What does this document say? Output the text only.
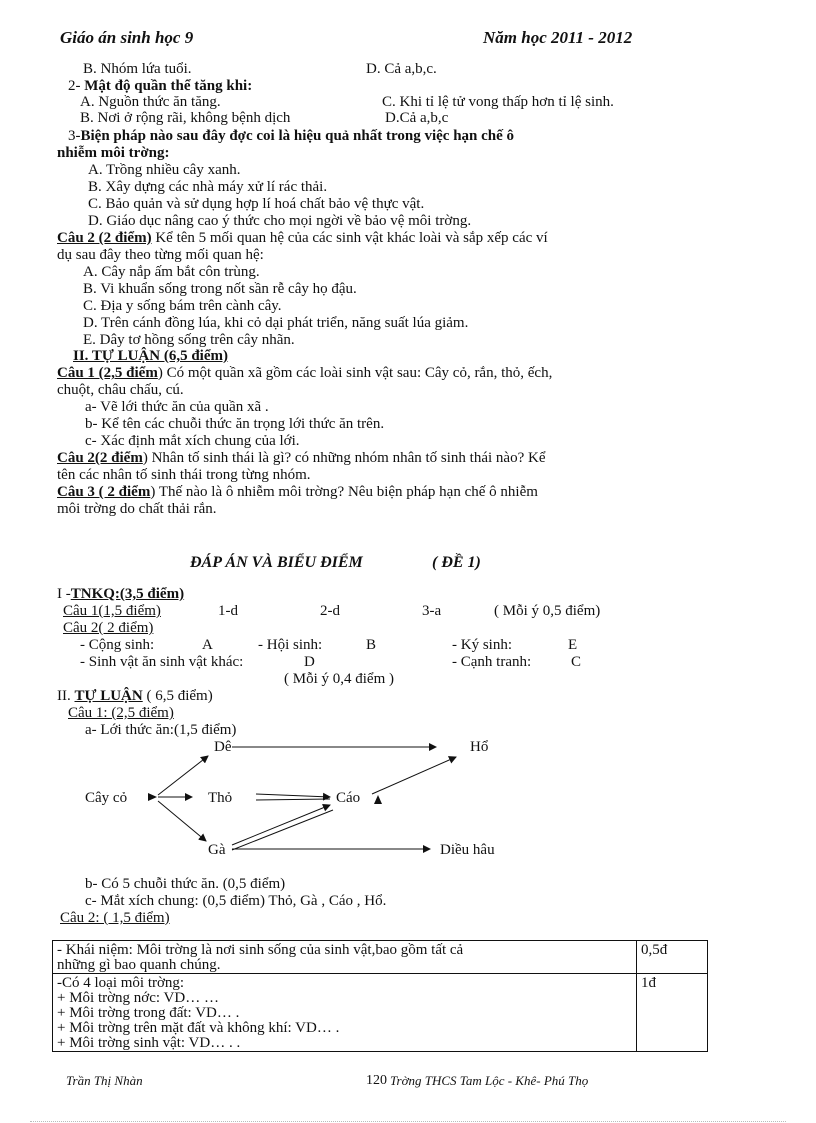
Giáo án sinh học 9	Năm học 2011 - 2012
B. Nhóm lứa tuổi.	D. Cả a,b,c.
2- Mật độ quần thể tăng khi:
A. Nguồn thức ăn tăng.	C. Khi tỉ lệ tử vong thấp hơn tỉ lệ sinh.
B. Nơi ở rộng rãi, không bệnh dịch	D.Cả a,b,c
3-Biện pháp nào sau đây đợc coi là hiệu quả nhất trong việc hạn chế ô
nhiễm môi trờng:
A. Trồng nhiều cây xanh.
B. Xây dựng các nhà máy xử lí rác thải.
C. Bảo quản và sử dụng hợp lí hoá chất bảo vệ thực vật.
D. Giáo dục nâng cao ý thức cho mọi ngời về bảo vệ môi trờng.
Câu 2 (2 điểm) Kể tên 5 mối quan hệ của các sinh vật khác loài và sắp xếp các ví
dụ sau đây theo từng mối quan hệ:
A. Cây nắp ấm bắt côn trùng.
B. Vi khuẩn sống trong nốt sần rễ cây họ đậu.
C. Địa y sống bám trên cành cây.
D. Trên cánh đồng lúa, khi cỏ dại phát triển, năng suất lúa giảm.
E. Dây tơ hồng sống trên cây nhãn.
II. TỰ LUẬN (6,5 điểm)
Câu 1 (2,5 điểm) Có một quần xã gồm các loài sinh vật sau: Cây cỏ, rắn, thỏ, ếch,
chuột, châu chấu, cú.
a- Vẽ lới thức ăn của quần xã .
b- Kể tên các chuỗi thức ăn trọng lới thức ăn trên.
c- Xác định mắt xích chung của lới.
Câu 2(2 điểm) Nhân tố sinh thái là gì? có những nhóm nhân tố sinh thái nào? Kể
tên các nhân tố sinh thái trong từng nhóm.
Câu 3 ( 2 điểm) Thế nào là ô nhiễm môi trờng? Nêu biện pháp hạn chế ô nhiễm
môi trờng do chất thải rắn.
ĐÁP ÁN VÀ BIỂU ĐIỂM	( ĐỀ 1)
I -TNKQ:(3,5 điểm)
Câu 1(1,5 điểm)	1-d	2-d	3-a	( Mỗi ý 0,5 điểm)
Câu 2( 2 điểm)
- Cộng sinh:	A	- Hội sinh:	B	- Ký sinh:	E
- Sinh vật ăn sinh vật khác:	D	- Cạnh tranh:	C
( Mỗi ý 0,4 điểm )
II. TỰ LUẬN ( 6,5 điểm)
Câu 1: (2,5 điểm)
a- Lới thức ăn:(1,5 điểm)
Dê	Hổ
Cây cỏ	Thỏ	Cáo
Gà	Diều hâu
b- Có 5 chuỗi thức ăn. (0,5 điểm)
c- Mắt xích chung: (0,5 điểm) Thỏ, Gà , Cáo , Hổ.
Câu 2: ( 1,5 điểm)
- Khái niệm: Môi trờng là nơi sinh sống của sinh vật,bao gồm tất cả
những gì bao quanh chúng.	0,5đ

-Có 4 loại môi trờng:
+ Môi trờng nớc: VD… …
+ Môi trờng trong đất: VD… .
+ Môi trờng trên mặt đất và không khí: VD… .
+ Môi trờng sinh vật: VD… . .	1đ
Trần Thị Nhàn	120 Trờng THCS Tam Lộc - Khê- Phú Thọ
